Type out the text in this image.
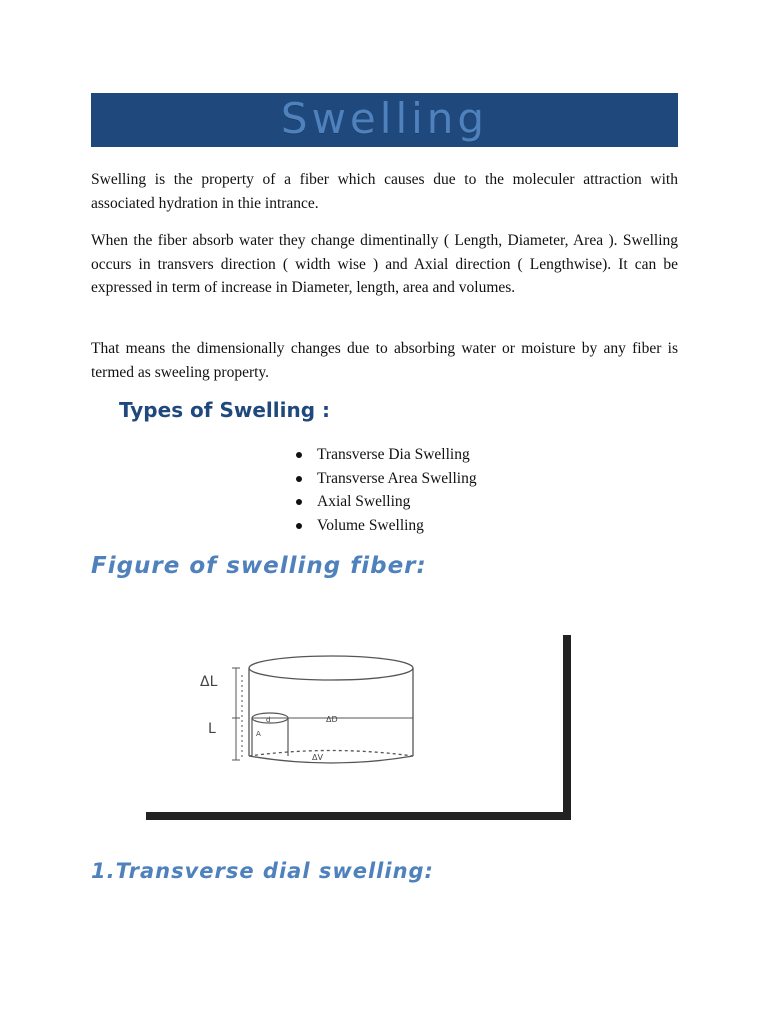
Swelling

Swelling is the property of a fiber which causes due to the moleculer attraction with associated hydration in thie intrance.

When the fiber absorb water they change dimentinally ( Length, Diameter, Area ). Swelling occurs in transvers direction ( width wise ) and Axial direction ( Lengthwise). It can be expressed in term of increase in Diameter, length, area and volumes.

That means the dimensionally changes due to absorbing water or moisture by any fiber is termed as sweeling property.

Types of Swelling :
Transverse Dia Swelling
Transverse Area Swelling
Axial Swelling
Volume Swelling
Figure of swelling fiber:
ΔL
L
d
A
ΔD
ΔV
1.Transverse dial swelling:
